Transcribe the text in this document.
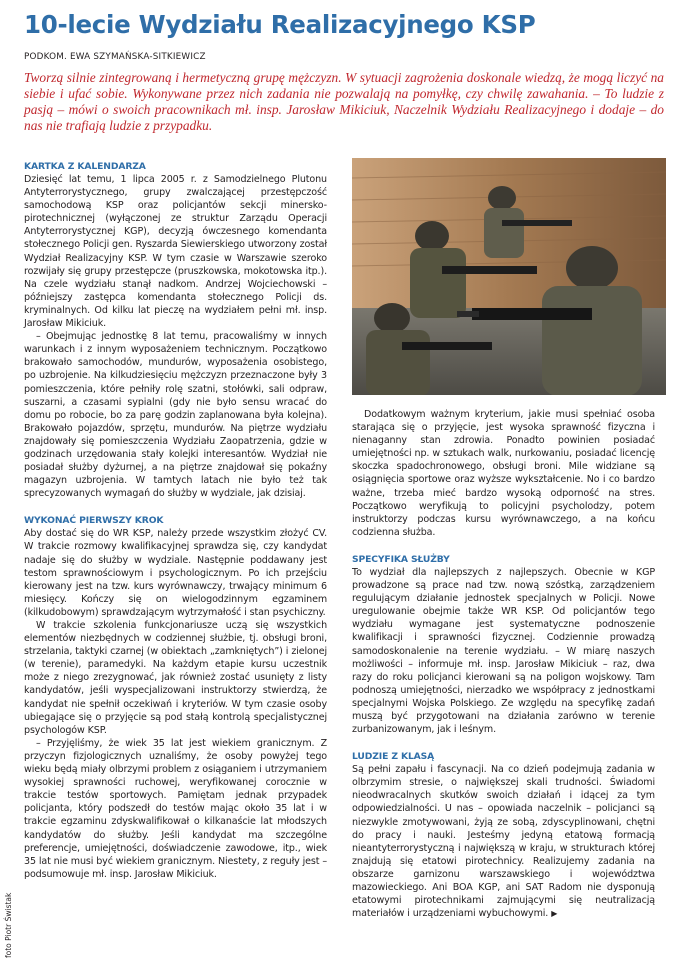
10-lecie Wydziału Realizacyjnego KSP
PODKOM. EWA SZYMAŃSKA-SITKIEWICZ
Tworzą silnie zintegrowaną i hermetyczną grupę mężczyzn. W sytuacji zagrożenia doskonale wiedzą, że mogą liczyć na siebie i ufać sobie. Wykonywane przez nich zadania nie pozwalają na pomyłkę, czy chwilę zawahania. – To ludzie z pasją – mówi o swoich pracownikach mł. insp. Jarosław Mikiciuk, Naczelnik Wydziału Realizacyjnego i dodaje – do nas nie trafiają ludzie z przypadku.
KARTKA Z KALENDARZA

Dziesięć lat temu, 1 lipca 2005 r. z Samodzielnego Plutonu Antyterrorystycznego, grupy zwalczającej przestępczość samochodową KSP oraz policjantów sekcji minersko-pirotechnicznej (wyłączonej ze struktur Zarządu Operacji Antyterrorystycznej KGP), decyzją ówczesnego komendanta stołecznego Policji gen. Ryszarda Siewierskiego utworzony został Wydział Realizacyjny KSP. W tym czasie w Warszawie szeroko rozwijały się grupy przestępcze (pruszkowska, mokotowska itp.). Na czele wydziału stanął nadkom. Andrzej Wojciechowski – późniejszy zastępca komendanta stołecznego Policji ds. kryminalnych. Od kilku lat pieczę na wydziałem pełni mł. insp. Jarosław Mikiciuk.

– Obejmując jednostkę 8 lat temu, pracowaliśmy w innych warunkach i z innym wyposażeniem technicznym. Początkowo brakowało samochodów, mundurów, wyposażenia osobistego, po uzbrojenie. Na kilkudziesięciu mężczyzn przeznaczone były 3 pomieszczenia, które pełniły rolę szatni, stołówki, sali odpraw, suszarni, a czasami sypialni (gdy nie było sensu wracać do domu po robocie, bo za parę godzin zaplanowana była kolejna). Brakowało pojazdów, sprzętu, mundurów. Na piętrze wydziału znajdowały się pomieszczenia Wydziału Zaopatrzenia, gdzie w godzinach urzędowania stały kolejki interesantów. Wydział nie posiadał służby dyżurnej, a na piętrze znajdował się pokaźny magazyn uzbrojenia. W tamtych latach nie było też tak sprecyzowanych wymagań do służby w wydziale, jak dzisiaj.

WYKONAĆ PIERWSZY KROK

Aby dostać się do WR KSP, należy przede wszystkim złożyć CV. W trakcie rozmowy kwalifikacyjnej sprawdza się, czy kandydat nadaje się do służby w wydziale. Następnie poddawany jest testom sprawnościowym i psychologicznym. Po ich przejściu kierowany jest na tzw. kurs wyrównawczy, trwający minimum 6 miesięcy. Kończy się on wielogodzinnym egzaminem (kilkudobowym) sprawdzającym wytrzymałość i stan psychiczny.

W trakcie szkolenia funkcjonariusze uczą się wszystkich elementów niezbędnych w codziennej służbie, tj. obsługi broni, strzelania, taktyki czarnej (w obiektach „zamkniętych”) i zielonej (w terenie), paramedyki. Na każdym etapie kursu uczestnik może z niego zrezygnować, jak również zostać usunięty z listy kandydatów, jeśli wyspecjalizowani instruktorzy stwierdzą, że kandydat nie spełnił oczekiwań i kryteriów. W tym czasie osoby ubiegające się o przyjęcie są pod stałą kontrolą specjalistycznej psychologów KSP.

– Przyjęliśmy, że wiek 35 lat jest wiekiem granicznym. Z przyczyn fizjologicznych uznaliśmy, że osoby powyżej tego wieku będą miały olbrzymi problem z osiąganiem i utrzymaniem wysokiej sprawności ruchowej, weryfikowanej corocznie w trakcie testów sportowych. Pamiętam jednak przypadek policjanta, który podszedł do testów mając około 35 lat i w trakcie egzaminu zdyskwalifikował o kilkanaście lat młodszych kandydatów do służby. Jeśli kandydat ma szczególne preferencje, umiejętności, doświadczenie zawodowe, itp., wiek 35 lat nie musi być wiekiem granicznym. Niestety, z reguły jest – podsumowuje mł. insp. Jarosław Mikiciuk.

Dodatkowym ważnym kryterium, jakie musi spełniać osoba starająca się o przyjęcie, jest wysoka sprawność fizyczna i nienaganny stan zdrowia. Ponadto powinien posiadać umiejętności np. w sztukach walk, nurkowaniu, posiadać licencję skoczka spadochronowego, obsługi broni. Mile widziane są osiągnięcia sportowe oraz wyższe wykształcenie. No i co bardzo ważne, trzeba mieć bardzo wysoką odporność na stres. Początkowo weryfikują to policyjni psycholodzy, potem instruktorzy podczas kursu wyrównawczego, a na końcu codzienna służba.

SPECYFIKA SŁUŻBY

To wydział dla najlepszych z najlepszych. Obecnie w KGP prowadzone są prace nad tzw. nową szóstką, zarządzeniem regulującym działanie jednostek specjalnych w Policji. Nowe uregulowanie obejmie także WR KSP. Od policjantów tego wydziału wymagane jest systematyczne podnoszenie kwalifikacji i sprawności fizycznej. Codziennie prowadzą samodoskonalenie na terenie wydziału. – W miarę naszych możliwości – informuje mł. insp. Jarosław Mikiciuk – raz, dwa razy do roku policjanci kierowani są na poligon wojskowy. Tam podnoszą umiejętności, nierzadko we współpracy z jednostkami specjalnymi Wojska Polskiego. Ze względu na specyfikę zadań muszą być przygotowani na działania zarówno w terenie zurbanizowanym, jak i leśnym.

LUDZIE Z KLASĄ

Są pełni zapału i fascynacji. Na co dzień podejmują zadania w olbrzymim stresie, o największej skali trudności. Świadomi nieodwracalnych skutków swoich działań i idącej za tym odpowiedzialności. U nas – opowiada naczelnik – policjanci są niezwykle zmotywowani, żyją ze sobą, zdyscyplinowani, chętni do pracy i nauki. Jesteśmy jedyną etatową formacją nieantyterrorystyczną i największą w kraju, w strukturach której znajdują się etatowi pirotechnicy. Realizujemy zadania na obszarze garnizonu warszawskiego i województwa mazowieckiego. Ani BOA KGP, ani SAT Radom nie dysponują etatowymi pirotechnikami zajmującymi się neutralizacją materiałów i urządzeniami wybuchowymi. ▶

foto Piotr Świstak
